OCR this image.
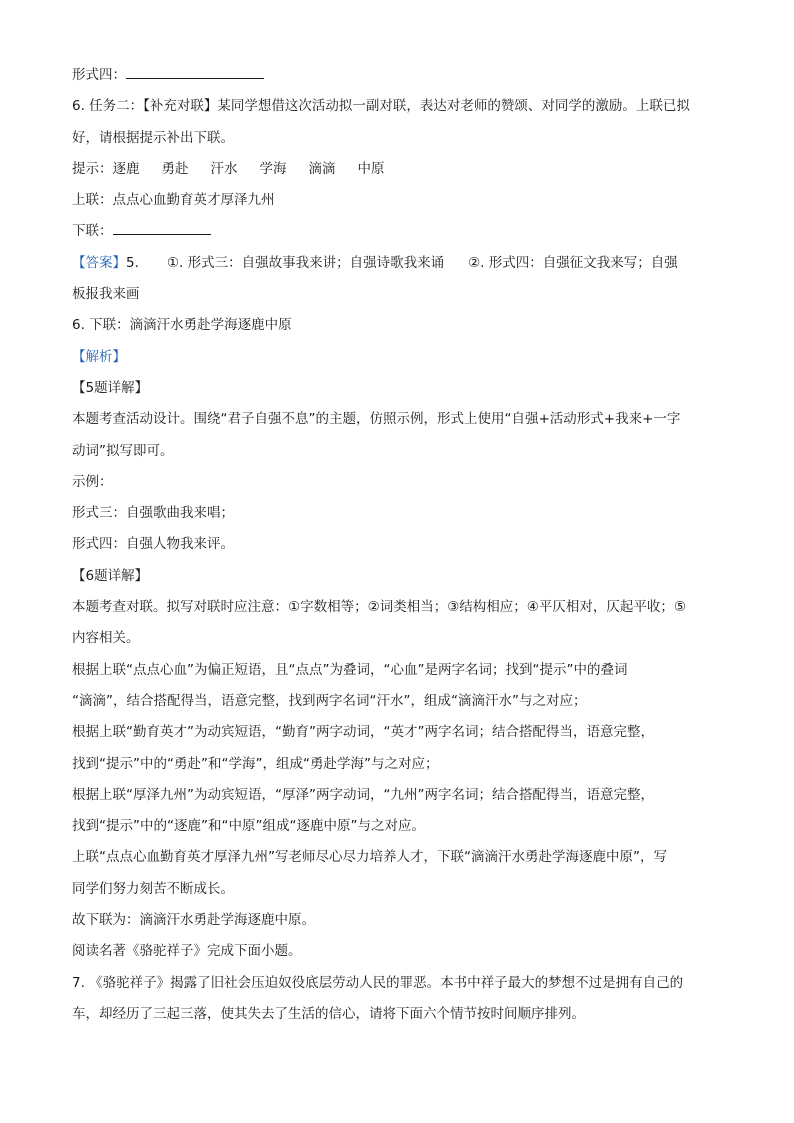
形式四：

6. 任务二：【补充对联】某同学想借这次活动拟一副对联，表达对老师的赞颂、对同学的激励。上联已拟

好，请根据提示补出下联。

提示：逐鹿 勇赴 汗水 学海 滴滴 中原

上联：点点心血勤育英才厚泽九州

下联：

【答案】5. ①. 形式三：自强故事我来讲；自强诗歌我来诵 ②. 形式四：自强征文我来写；自强

板报我来画

6. 下联：滴滴汗水勇赴学海逐鹿中原

【解析】

【5题详解】

本题考查活动设计。围绕“君子自强不息”的主题，仿照示例，形式上使用“自强+活动形式+我来+一字

动词”拟写即可。

示例：

形式三：自强歌曲我来唱；

形式四：自强人物我来评。

【6题详解】

本题考查对联。拟写对联时应注意：①字数相等；②词类相当；③结构相应；④平仄相对，仄起平收；⑤

内容相关。

根据上联“点点心血”为偏正短语，且“点点”为叠词，“心血”是两字名词；找到“提示”中的叠词

“滴滴”，结合搭配得当，语意完整，找到两字名词“汗水”，组成“滴滴汗水”与之对应；

根据上联“勤育英才”为动宾短语，“勤育”两字动词，“英才”两字名词；结合搭配得当，语意完整，

找到“提示”中的“勇赴”和“学海”，组成“勇赴学海”与之对应；

根据上联“厚泽九州”为动宾短语，“厚泽”两字动词，“九州”两字名词；结合搭配得当，语意完整，

找到“提示”中的“逐鹿”和“中原”组成“逐鹿中原”与之对应。

上联“点点心血勤育英才厚泽九州”写老师尽心尽力培养人才，下联“滴滴汗水勇赴学海逐鹿中原”，写

同学们努力刻苦不断成长。

故下联为：滴滴汗水勇赴学海逐鹿中原。

阅读名著《骆驼祥子》完成下面小题。

7. 《骆驼祥子》揭露了旧社会压迫奴役底层劳动人民的罪恶。本书中祥子最大的梦想不过是拥有自己的

车，却经历了三起三落，使其失去了生活的信心，请将下面六个情节按时间顺序排列。
